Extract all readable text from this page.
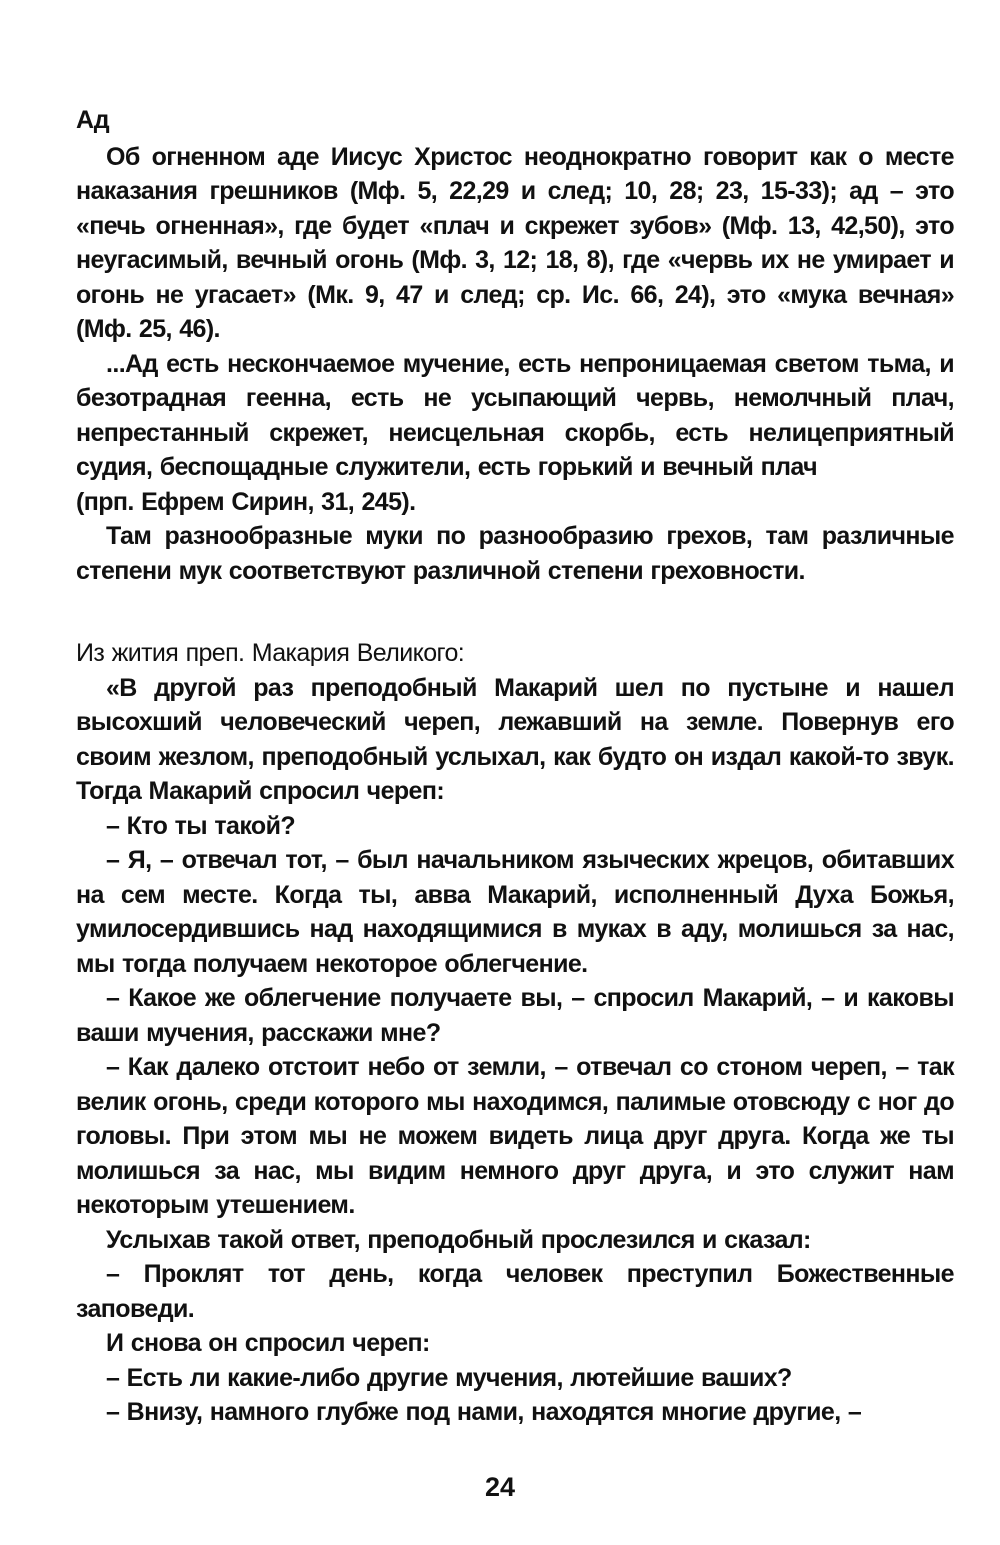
Ад

Об огненном аде Иисус Христос неоднократно говорит как о месте наказания грешников (Мф. 5, 22,29 и след; 10, 28; 23, 15-33); ад – это «печь огненная», где будет «плач и скрежет зубов» (Мф. 13, 42,50), это неугасимый, вечный огонь (Мф. 3, 12; 18, 8), где «червь их не умирает и огонь не угасает» (Мк. 9, 47 и след; ср. Ис. 66, 24), это «мука вечная» (Мф. 25, 46).

...Ад есть нескончаемое мучение, есть непроницаемая светом тьма, и безотрадная геенна, есть не усыпающий червь, немолчный плач, непрестанный скрежет, неисцельная скорбь, есть нелицеприятный судия, беспощадные служители, есть горький и вечный плач

(прп. Ефрем Сирин, 31, 245).

Там разнообразные муки по разнообразию грехов, там различные степени мук соответствуют различной степени греховности.

Из жития преп. Макария Великого:

«В другой раз преподобный Макарий шел по пустыне и нашел высохший человеческий череп, лежавший на земле. Повернув его своим жезлом, преподобный услыхал, как будто он издал какой-то звук. Тогда Макарий спросил череп:

– Кто ты такой?

– Я, – отвечал тот, – был начальником языческих жрецов, обитавших на сем месте. Когда ты, авва Макарий, исполненный Духа Божья, умилосердившись над находящимися в муках в аду, молишься за нас, мы тогда получаем некоторое облегчение.

– Какое же облегчение получаете вы, – спросил Макарий, – и каковы ваши мучения, расскажи мне?

– Как далеко отстоит небо от земли, – отвечал со стоном череп, – так велик огонь, среди которого мы находимся, палимые отовсюду с ног до головы. При этом мы не можем видеть лица друг друга. Когда же ты молишься за нас, мы видим немного друг друга, и это служит нам некоторым утешением.

Услыхав такой ответ, преподобный прослезился и сказал:

– Проклят тот день, когда человек преступил Божественные заповеди.

И снова он спросил череп:

– Есть ли какие-либо другие мучения, лютейшие ваших?

– Внизу, намного глубже под нами, находятся многие другие, –

24
